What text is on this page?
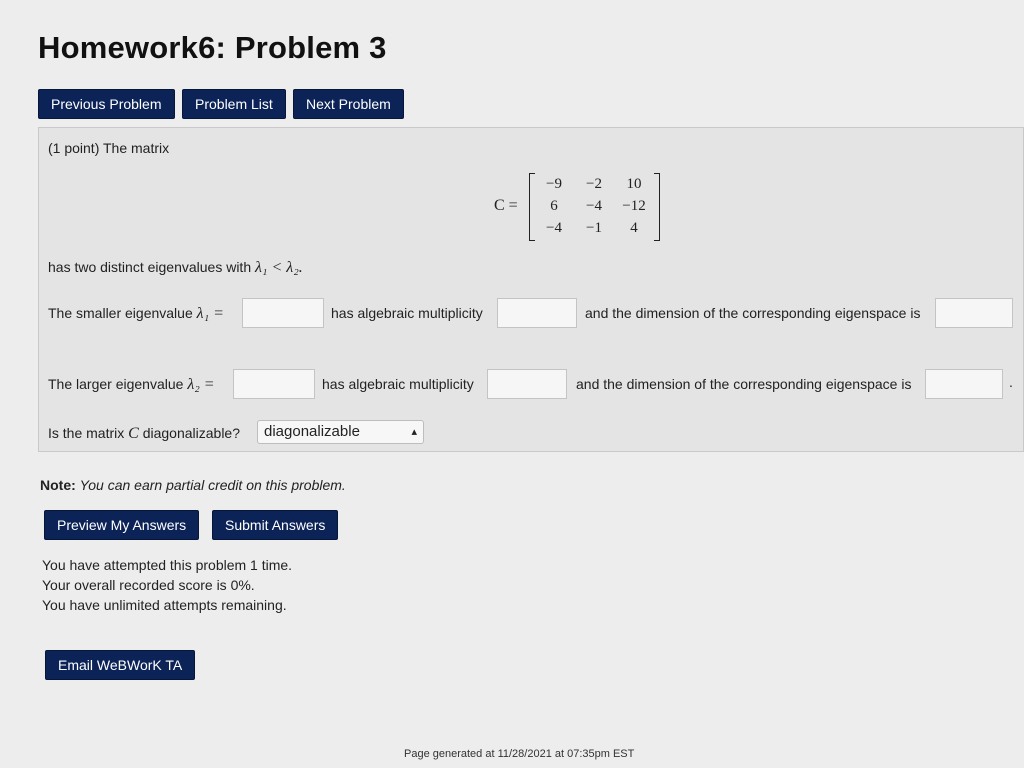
Homework6: Problem 3
Previous Problem	Problem List	Next Problem
(1 point) The matrix
C =
−9	−2	10
6	−4	−12
−4	−1	4
has two distinct eigenvalues with λ₁ < λ₂.
The smaller eigenvalue λ₁ =	has algebraic multiplicity	and the dimension of the corresponding eigenspace is
The larger eigenvalue λ₂ =	has algebraic multiplicity	and the dimension of the corresponding eigenspace is	.
Is the matrix C diagonalizable?	diagonalizable	▴

Note: You can earn partial credit on this problem.
Preview My Answers	Submit Answers
You have attempted this problem 1 time.
Your overall recorded score is 0%.
You have unlimited attempts remaining.
Email WeBWorK TA
Page generated at 11/28/2021 at 07:35pm EST
